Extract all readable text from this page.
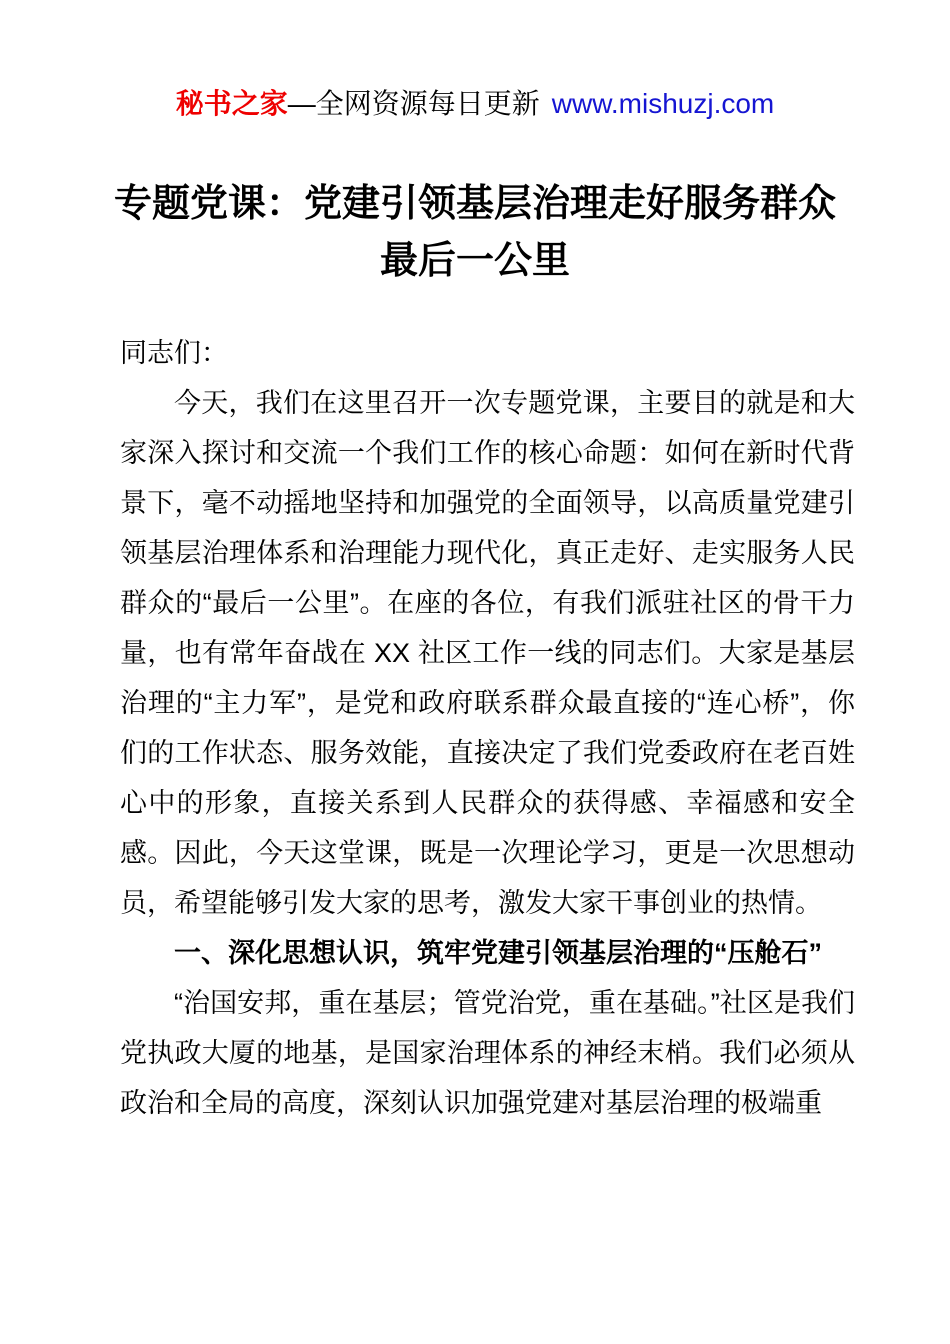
秘书之家—全网资源每日更新 www.mishuzj.com
专题党课：党建引领基层治理走好服务群众最后一公里

同志们：

今天，我们在这里召开一次专题党课，主要目的就是和大家深入探讨和交流一个我们工作的核心命题：如何在新时代背景下，毫不动摇地坚持和加强党的全面领导，以高质量党建引领基层治理体系和治理能力现代化，真正走好、走实服务人民群众的“最后一公里”。在座的各位，有我们派驻社区的骨干力量，也有常年奋战在 XX 社区工作一线的同志们。大家是基层治理的“主力军”，是党和政府联系群众最直接的“连心桥”，你们的工作状态、服务效能，直接决定了我们党委政府在老百姓心中的形象，直接关系到人民群众的获得感、幸福感和安全感。因此，今天这堂课，既是一次理论学习，更是一次思想动员，希望能够引发大家的思考，激发大家干事创业的热情。

一、深化思想认识，筑牢党建引领基层治理的“压舱石”

“治国安邦，重在基层；管党治党，重在基础。”社区是我们党执政大厦的地基，是国家治理体系的神经末梢。我们必须从政治和全局的高度，深刻认识加强党建对基层治理的极端重
